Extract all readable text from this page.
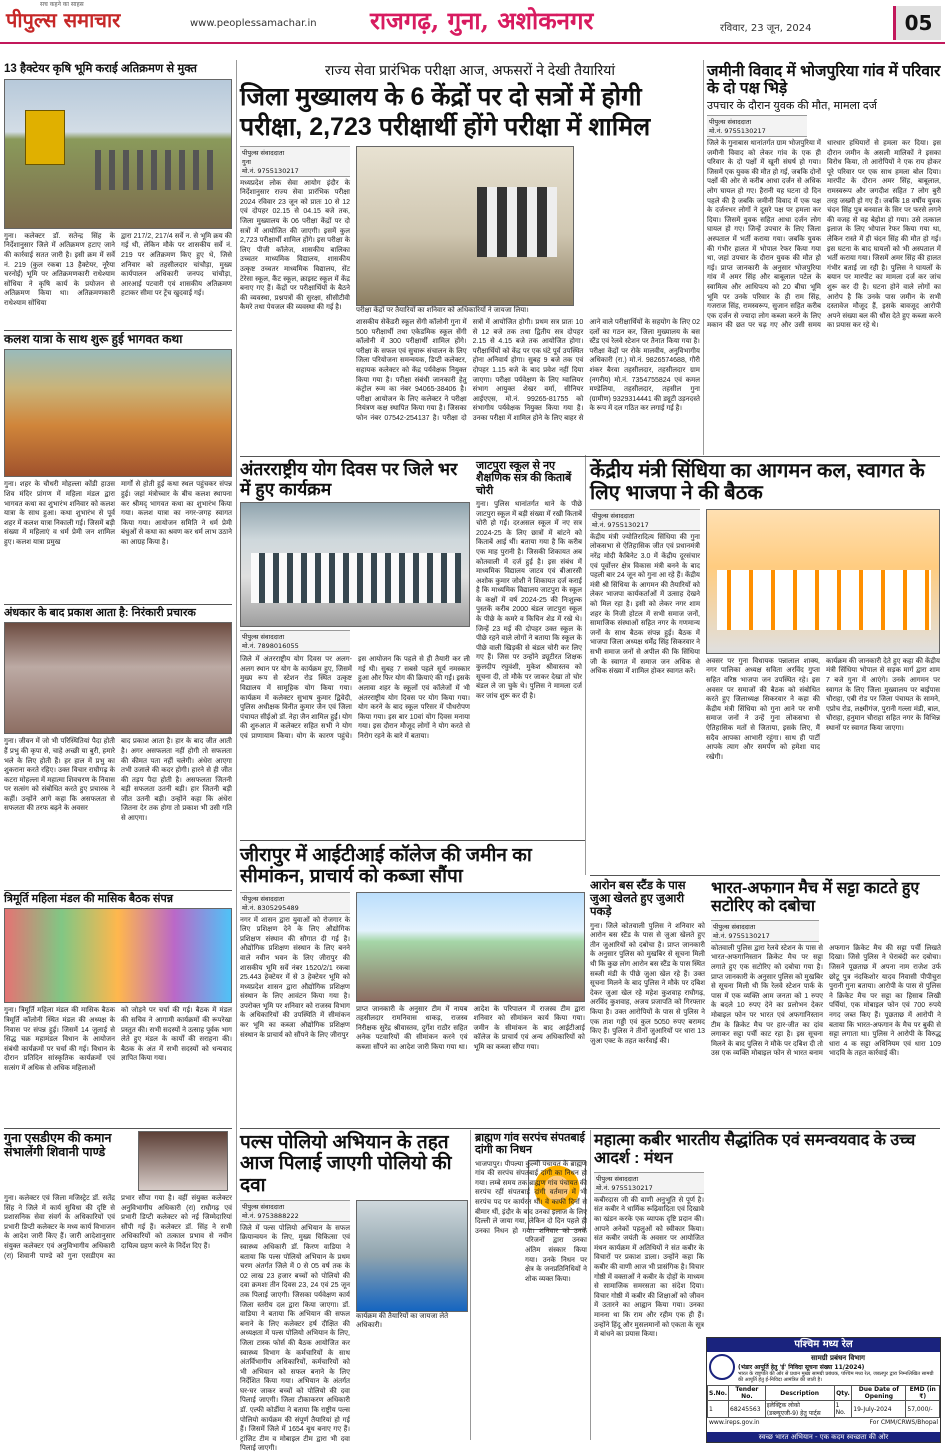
सच कहने का साहस
पीपुल्स समाचार	www.peoplessamachar.in राजगढ़, गुना, अशोकनगर	रविवार, 23 जून, 2024	05
13 हैक्टेयर कृषि भूमि कराई अतिक्रमण से मुक्त
गुना। कलेक्टर डॉ. सतेन्द्र सिंह के निर्देशानुसार जिले में अतिक्रमण हटाए जाने की कार्रवाई सतत जारी है। इसी क्रम में सर्वे नं. 219 (कुल रकबा 13 हैक्टेयर, नूरैया चरनोई) भूमि पर अतिक्रमणकारी राधेश्याम सोंधिया ने कृषि कार्य के प्रयोजन से अतिक्रमण किया था। अतिक्रमणकारी राधेश्याम सोंधिया
द्वारा 217/2, 217/4 सर्वे न. से भूमि क्रय की गई थी, लेकिन मौके पर शासकीय सर्वे नं. 219 पर अतिक्रमण किए हुए थे, जिसे शनिवार को तहसीलदार चांचौड़ा, मुख्य कार्यपालन अधिकारी जनपद चांचौड़ा, आरआई पटवारी एवं शासकीय अतिक्रमण हटाकर सीमा पर ट्रेंच खुदवाई गई।
कलश यात्रा के साथ शुरू हुई भागवत कथा
गुना। शहर के चौधरी मोहल्ला कोंडी हाउस शिव मंदिर प्रांगण में महिला मंडल द्वारा भागवत कथा का शुभारंभ शनिवार को कलश यात्रा के साथ हुआ। कथा शुभारंभ से पूर्व शहर में कलश यात्रा निकाली गई। जिसमें बड़ी संख्या में महिलाएं व धर्म प्रेमी जन शामिल हुए। कलश यात्रा प्रमुख
मार्गों से होती हुई कथा स्थल पहुंचकर संपन्न हुई। जहां मंत्रोच्चार के बीच कलश स्थापना कर श्रीमद् भागवत कथा का शुभारंभ किया गया। कलश यात्रा का नगर-जगह स्वागत किया गया। आयोजन समिति ने धर्म प्रेमी बंधुओं से कथा का श्रवण कर धर्म लाभ उठाने का आग्रह किया है।
अंधकार के बाद प्रकाश आता है: निरंकारी प्रचारक
गुना। जीवन में जो भी परिस्थितियां पैदा होती हैं प्रभु की कृपा से, चाहे अच्छी या बुरी, हमारे भले के लिए होती हैं। हर हाल में प्रभु का शुकराना करते रहिए। उक्त विचार राघौगढ़ के कटरा मोहल्ला में महात्मा शिवचरण के निवास पर सत्संग को संबोधित करते हुए प्रचारक ने कहीं। उन्होंने आगे कहा कि असफलता से सफलता की तरफ बढ़ने के अवसर
बाद प्रकाश आता है। हार के बाद जीत आती है। अगर असफलता नहीं होगी तो सफलता की कीमत पता नहीं चलेगी। अंधेरा आएगा तभी उजाले की कदर होगी। हारने से ही जीत की तड़प पैदा होती है। असफलता जितनी बड़ी सफलता उतनी बड़ी। हार जितनी बड़ी जीत उतनी बड़ी। उन्होंने कहा कि अंधेरा जितना देर तक होगा तो प्रकाश भी उसी गति से आएगा।
त्रिमूर्ति महिला मंडल की मासिक बैठक संपन्न
गुना। त्रिमूर्ति महिला मंडल की मासिक बैठक त्रिमूर्ति कॉलोनी स्थित मंडल की अध्यक्ष के निवास पर संपन्न हुई। जिसमें 14 जुलाई से सिद्ध चक्र महामंडल विधान के आयोजन संबंधी कार्यक्रमों पर चर्चा की गई। विधान के दौरान प्रतिदिन सांस्कृतिक कार्यक्रमों एवं सत्संग में अधिक से अधिक महिलाओं
को जोड़ने पर चर्चा की गई। बैठक में मंडल की सचिव ने आगामी कार्यक्रमों की रूपरेखा प्रस्तुत की। सभी सदस्यों ने उत्साह पूर्वक भाग लेते हुए मंडल के कार्यों की सराहना की। बैठक के अंत में सभी सदस्यों को धन्यवाद ज्ञापित किया गया।
गुना एसडीएम की कमान संभालेंगी शिवानी पाण्डे
गुना। कलेक्टर एवं जिला मजिस्ट्रेट डॉ. सतेंद्र सिंह ने जिले में कार्य सुविधा की दृष्टि से प्रशासनिक सेवा संवर्ग के अधिकारियों एवं प्रभारी डिप्टी कलेक्टर के मध्य कार्य विभाजन के आदेश जारी किए हैं। जारी आदेशानुसार संयुक्त कलेक्टर एवं अनुविभागीय अधिकारी (रा) शिवानी पाण्डे को गुना एसडीएम का प्रभार सौंपा गया है। वहीं संयुक्त कलेक्टर अनुविभागीय अधिकारी (रा) राघौगढ़ एवं प्रभारी डिप्टी कलेक्टर को नई जिम्मेदारियां सौंपी गई हैं। कलेक्टर डॉ. सिंह ने सभी अधिकारियों को तत्काल प्रभाव से नवीन दायित्व ग्रहण करने के निर्देश दिए हैं।
राज्य सेवा प्रारंभिक परीक्षा आज, अफसरों ने देखी तैयारियां
जिला मुख्यालय के 6 केंद्रों पर दो सत्रों में होगी परीक्षा, 2,723 परीक्षार्थी होंगे परीक्षा में शामिल
पीपुल्स संवाददाता
गुना
मो.नं. 9755130217
मध्यप्रदेश लोक सेवा आयोग इंदौर के निर्देशानुसार राज्य सेवा प्रारंभिक परीक्षा 2024 रविवार 23 जून को प्रातः 10 से 12 एवं दोपहर 02.15 से 04.15 बजे तक, जिला मुख्यालय के 06 परीक्षा केंद्रों पर दो सत्रों में आयोजित की जाएगी। इसमें कुल 2,723 परीक्षार्थी शामिल होंगे। इस परीक्षा के लिए पीजी कॉलेज, शासकीय बालिका उच्चतर माध्यमिक विद्यालय, शासकीय उत्कृष्ट उच्चतर माध्यमिक विद्यालय, सेंट टेरेसा स्कूल, कैंट स्कूल, क्राइस्ट स्कूल में केंद्र बनाए गए हैं। केंद्रों पर परीक्षार्थियों के बैठने की व्यवस्था, प्रश्नपत्रों की सुरक्षा, सीसीटीवी कैमरे तथा पेयजल की व्यवस्था की गई है।	परीक्षा केंद्रों पर तैयारियों का शनिवार को अधिकारियों ने जायजा लिया।
शासकीय सेकेंडरी स्कूल सेंगी कॉलोनी गुना में 500 परीक्षार्थी तथा एकेडमिक स्कूल सेंगी कॉलोनी में 300 परीक्षार्थी शामिल होंगे। परीक्षा के सफल एवं सुचारू संचालन के लिए जिला परियोजना समन्वयक, डिप्टी कलेक्टर, सहायक कलेक्टर को केंद्र पर्यवेक्षक नियुक्त किया गया है। परीक्षा संबंधी जानकारी हेतु कंट्रोल रूम का नंबर 94065-38406 है। परीक्षा आयोजन के लिए कलेक्टर ने परीक्षा नियंत्रण कक्ष स्थापित किया गया है। जिसका फोन नंबर 07542-254137 है। परीक्षा दो सत्रों में आयोजित होगी। प्रथम सत्र प्रातः 10 से 12 बजे तक तथा द्वितीय सत्र दोपहर 2.15 से 4.15 बजे तक आयोजित होगा। परीक्षार्थियों को केंद्र पर एक घंटे पूर्व उपस्थित होना अनिवार्य होगा। सुबह 9 बजे तक एवं दोपहर 1.15 बजे के बाद प्रवेश नहीं दिया जाएगा। परीक्षा पर्यवेक्षण के लिए ग्वालियर संभाग आयुक्त शेखर वर्मा, सीनियर आईएएस, मो.नं. 99265-81755 को संभागीय पर्यवेक्षक नियुक्त किया गया है। उनका परीक्षा में शामिल होने के लिए बाहर से आने वाले परीक्षार्थियों के सहयोग के लिए 02 दलों का गठन कर, जिला मुख्यालय के बस स्टैंड एवं रेलवे स्टेशन पर तैनात किया गया है। परीक्षा केंद्रों पर रोके मालवीय, अनुविभागीय अधिकारी (रा.) मो.नं. 9826574688, गौरी शंकर बैरवा तहसीलदार, तहसीलदार ग्राम (नगरीय) मो.नं. 7354755824 एवं कमल मण्डेलिया, तहसीलदार, तहसील गुना (ग्रामीण) 9329314441 की ड्यूटी उड़नदस्ते के रूप में दल गठित कर लगाई गई है।
जमीनी विवाद में भोजपुरिया गांव में परिवार के दो पक्ष भिड़े
उपचार के दौरान युवक की मौत, मामला दर्ज
पीपुल्स संवाददाता
मो.नं. 9755130217
जिले के गुनाबास थानांतर्गत ग्राम भोजपुरिया में जमीनी विवाद को लेकर गांव के एक ही परिवार के दो पक्षों में खूनी संघर्ष हो गया। जिसमें एक युवक की मौत हो गई, जबकि दोनों पक्षों की ओर से करीब आधा दर्जन से अधिक लोग घायल हो गए। हैरानी यह घटना दो दिन पहले की है जबकि जमीनी विवाद में एक पक्ष के दर्जनभर लोगों ने दूसरे पक्ष पर हमला कर दिया। जिसमें युवक सहित आधा दर्जन लोग घायल हो गए। जिन्हें उपचार के लिए जिला अस्पताल में भर्ती कराया गया। जबकि युवक की गंभीर हालत में भोपाल रेफर किया गया था, जहां उपचार के दौरान युवक की मौत हो गई। प्राप्त जानकारी के अनुसार भोजपुरिया गांव में अमर सिंह और बाबूलाल पटेल के स्वामित्व और आधिपत्य को 20 बीघा भूमि भूमि पर उनके परिवार के ही राम सिंह, गजराज सिंह, रामस्वरूप, सुजान सहित करीब एक दर्जन से ज्यादा लोग कब्जा करने के लिए मकान की छत पर चढ़ गए और उसी समय धारधार हथियारों से हमला कर दिया। इस दौरान जमीन के असली मालिकों ने इसका विरोध किया, तो आरोपियों ने एक राय होकर पूरे परिवार पर एक साथ हमला बोल दिया। मारपीट के दौरान अमर सिंह, बाबूलाल, रामस्वरूप और जगदीश सहित 7 लोग बुरी तरह जख्मी हो गए हैं। जबकि 18 वर्षीय युवक चंदन सिंह पुत्र बनवाल के सिर पर फरसे लगने की वजह से वह बेहोश हो गया। उसे तत्काल इलाज के लिए भोपाल रेफर किया गया था, लेकिन रास्ते में ही चंदन सिंह की मौत हो गई। इस घटना के बाद घायलों को भी अस्पताल में भर्ती कराया गया। जिसमें अमर सिंह की हालत गंभीर बताई जा रही है। पुलिस ने घायलों के बयान पर मारपीट का मामला दर्ज कर जांच शुरू कर दी है। घटना होने वाले लोगों का आरोप है कि उनके पास जमीन के सभी दस्तावेज मौजूद हैं, इसके बावजूद आरोपी अपने संख्या बल की धौंस देते हुए कब्जा करने का प्रयास कर रहे थे।
अंतरराष्ट्रीय योग दिवस पर जिले भर में हुए कार्यक्रम
पीपुल्स संवाददाता
मो.नं. 7898016055
जिले में अंतरराष्ट्रीय योग दिवस पर अलग-अलग स्थान पर योग के कार्यक्रम हुए, जिसमें मुख्य रूप से स्टेशन रोड स्थित उत्कृष्ट विद्यालय में सामूहिक योग किया गया। कार्यक्रम में कलेक्टर सुभाष कुमार द्विवेदी, पुलिस अधीक्षक विनीत कुमार जैन एवं जिला पंचायत सीईओ डॉ. नेहा जैन शामिल हुईं। योग की शुरुआत में कलेक्टर सहित सभी ने योग एवं प्राणायाम किया। योग के कारण पहुंचे। इस आयोजन कि पहले से ही तैयारी कर ली गई थी। सुबह 7 सबसे पहले सूर्य नमस्कार हुआ और फिर योग की क्रियाएं की गईं। इसके अलावा शहर के स्कूलों एवं कॉलेजों में भी अंतरराष्ट्रीय योग दिवस पर योग किया गया। योग करने के बाद स्कूल परिसर में पौधरोपण किया गया। इस बार 10वां योग दिवस मनाया गया। इस दौरान मौजूद लोगों ने योग करते से निरोग रहने के बारे में बताया।
जाटपुरा स्कूल से नए शैक्षणिक सत्र की किताबें चोरी
गुना। पुलिस थानांतर्गत थाने के पीछे जाटपुरा स्कूल में बड़ी संख्या में रखी किताबें चोरी हो गईं। दरअसल स्कूल में नए सत्र 2024-25 के लिए छात्रों में बांटने को किताबें आई थीं। बताया गया है कि करीब एक माह पुरानी है। जिसकी शिकायत अब कोतवाली में दर्ज हुई है। इस संबंध में माध्यमिक विद्यालय जाटव एवं बीआरसी अशोक कुमार जोशी ने शिकायत दर्ज कराई है कि माध्यमिक विद्यालय जाटपुरा के स्कूल के कक्षों में वर्ष 2024-25 की निःशुल्क पुस्तकें करीब 2000 बंडल जाटपुरा स्कूल के पीछे के कमरे व किचिन शेड में रखे थे। जिन्हें 23 मई की दोपहर उक्त स्कूल के पीछे रहने वाले लोगों ने बताया कि स्कूल के पीछे वाली खिड़की से बंडल चोरी कर लिए गए हैं। जिस पर उन्होंने ड्यूटीरत शिक्षक कुलदीप रघुवंशी, मुकेश श्रीवास्तव को सूचना दी, तो मौके पर जाकर देखा तो चोर बंडल ले जा चुके थे। पुलिस ने मामला दर्ज कर जांच शुरू कर दी है।
केंद्रीय मंत्री सिंधिया का आगमन कल, स्वागत के लिए भाजपा ने की बैठक
पीपुल्स संवाददाता
मो.नं. 9755130217
केंद्रीय मंत्री ज्योतिरादित्य सिंधिया की गुना लोकसभा से ऐतिहासिक जीत एवं प्रधानमंत्री नरेंद्र मोदी कैबिनेट 3.0 में केंद्रीय दूरसंचार एवं पूर्वोत्तर क्षेत्र विकास मंत्री बनने के बाद पहली बार 24 जून को गुना आ रहे हैं। केंद्रीय मंत्री श्री सिंधिया के आगमन की तैयारियों को लेकर भाजपा कार्यकर्ताओं में उत्साह देखने को मिल रहा है। इसी को लेकर नगर शाम शहर के निजी होटल में सभी समाज जनों, सामाजिक संस्थाओं सहित नगर के गणमान्य जनों के साथ बैठक संपन्न हुई। बैठक में भाजपा जिला अध्यक्ष धर्मेंद्र सिंह सिकरवार ने सभी समाज जनों से अपील की कि सिंधिया जी के स्वागत में समाज जन अधिक से अधिक संख्या में शामिल होकर स्वागत करें।
अवसर पर गुना विधायक पन्नालाल शाक्य, नगर पालिका अध्यक्ष सविता अरविंद गुप्ता सहित वरिष्ठ भाजपा जन उपस्थित रहे। इस अवसर पर समाजों की बैठक को संबोधित करते हुए जिलाध्यक्ष सिकरवार ने कहा की केंद्रीय मंत्री सिंधिया को गुना आने पर सभी समाज जनों ने उन्हें गुना लोकसभा से ऐतिहासिक मतों से जिताया, इसके लिए, मैं सदैव आपका आभारी रहूंगा। साथ ही पार्टी आपके त्याग और समर्पण को हमेशा याद रखेगी।
कार्यक्रम की जानकारी देते हुए कहा की केंद्रीय मंत्री सिंधिया भोपाल से सड़क मार्ग द्वारा शाम 7 बजे गुना में आएंगे। उनके आगमन पर स्वागत के लिए जिला मुख्यालय पर बाईपास चौराहा, एबी रोड पर जिला पंचायत के सामने, एप्रोच रोड, लक्ष्मीगंज, पुरानी गल्ला मंडी, बाल, चौराहा, हनुमान चौराहा सहित नगर के विभिन्न स्थानों पर स्वागत किया जाएगा।
जीरापुर में आईटीआई कॉलेज की जमीन का सीमांकन, प्राचार्य को कब्जा सौंपा
पीपुल्स संवाददाता
मो.नं. 8305295489
नगर में शासन द्वारा युवाओं को रोजगार के लिए प्रशिक्षण देने के लिए औद्योगिक प्रशिक्षण संस्थान की सौगात दी गई है। औद्योगिक प्रशिक्षण संस्थान के लिए बनने वाले नवीन भवन के लिए जीरापुर की शासकीय भूमि सर्वे नंबर 1520/2/1 रकबा 25.443 हेक्टेयर में से 3 हेक्टेयर भूमि को मध्यप्रदेश शासन द्वारा औद्योगिक प्रशिक्षण संस्थान के लिए आवंटन किया गया है। उपरोक्त भूमि पर शनिवार को राजस्व विभाग के अधिकारियों की उपस्थिति में सीमांकन कर भूमि का कब्जा औद्योगिक प्रशिक्षण संस्थान के प्राचार्य को सौंपने के लिए जीरापुर
प्राप्त जानकारी के अनुसार टीम में नायब तहसीलदार रामनिवास धाकड़, राजस्व निरीक्षक सुरेंद्र श्रीवास्तव, दुर्गेश राठौर सहित अनेक पटवारियों की सीमांकन करने एवं कब्जा सौंपने का आदेश जारी किया गया था। आदेश के परिपालन में राजस्व टीम द्वारा शनिवार को सीमांकन कार्य किया गया। जमीन के सीमांकन के बाद आईटीआई कॉलेज के प्राचार्य एवं अन्य अधिकारियों को भूमि का कब्जा सौंपा गया।
आरोन बस स्टैंड के पास जुआ खेलते हुए जुआरी पकड़े
गुना। जिले कोतवाली पुलिस ने शनिवार को आरोन बस स्टैंड के पास से जुआ खेलते हुए तीन जुआरियों को दबोचा है। प्राप्त जानकारी के अनुसार पुलिस को मुखबिर से सूचना मिली थी कि कुछ लोग आरोन बस स्टैंड के पास स्थित सब्जी मंडी के पीछे जुआ खेल रहे हैं। उक्त सूचना मिलने के बाद पुलिस ने मौके पर दबिश देकर जुआ खेल रहे महेश कुशवाह राघौगढ़, अरविंद कुशवाह, अजय प्रजापति को गिरफ्तार किया है। उक्त आरोपियों के पास से पुलिस ने एक ताश गड्डी एवं कुल 5050 रुपए बरामद किए हैं। पुलिस ने तीनों जुआरियों पर धारा 13 जुआ एक्ट के तहत कार्रवाई की।
भारत-अफगान मैच में सट्टा काटते हुए सटोरिए को दबोचा
पीपुल्स संवाददाता
मो.नं. 9755130217
कोतवाली पुलिस द्वारा रेलवे स्टेशन के पास से भारत-अफगानिस्तान क्रिकेट मैच पर सट्टा लगाते हुए एक सटोरिए को दबोचा गया है। प्राप्त जानकारी के अनुसार पुलिस को मुखबिर से सूचना मिली थी कि रेलवे स्टेशन पार्क के पास में एक व्यक्ति आम जनता को 1 रुपए के बदले 10 रुपए देने का प्रलोभन देकर मोबाइल फोन पर भारत एवं अफगानिस्तान टीम के क्रिकेट मैच पर हार-जीत का दांव लगाकर सट्टा पर्ची काट रहा है। इस सूचना मिलने के बाद पुलिस ने मौके पर दबिश दी तो उस एक व्यक्ति मोबाइल फोन से भारत बनाम अफगान क्रिकेट मैच की सट्टा पर्ची लिखते दिखा। जिसे पुलिस ने घेराबंदी कर दबोचा। जिसने पूछताछ में अपना नाम राजेश उर्फ छोटू पुत्र नंदकिशोर यादव निवासी पीपीचुरा पुरानी गुना बताया। आरोपी के पास से पुलिस ने क्रिकेट मैच पर सट्टा का हिसाब लिखी पर्चियां, एक मोबाइल फोन एवं 700 रुपये नगद जब्त किए हैं। पूछताछ में आरोपी ने बताया कि भारत-अफगान के मैच पर बुकी से सट्टा लगाता था। पुलिस ने आरोपी के विरुद्ध धारा 4 क सट्टा अधिनियम एवं धारा 109 भादवि के तहत कार्रवाई की।
पल्स पोलियो अभियान के तहत आज पिलाई जाएगी पोलियो की दवा
पीपुल्स संवाददाता
मो.नं. 9753888222
जिले में पल्स पोलियो अभियान के सफल क्रियान्वयन के लिए, मुख्य चिकित्सा एवं स्वास्थ्य अधिकारी डॉ. किरण वाडिया ने बताया कि पल्स पोलियो अभियान के प्रथम चरण अंतर्गत जिले में 0 से 05 वर्ष तक के 02 लाख 23 हजार बच्चों को पोलियो की दवा क्रमशः तीन दिवस 23, 24 एवं 25 जून तक पिलाई जाएगी। जिसका पर्यवेक्षण कार्य जिला स्तरीय दल द्वारा किया जाएगा। डॉ. वाडिया ने बताया कि अभियान की सफल बनाने के लिए कलेक्टर हर्ष दीक्षित की अध्यक्षता में पल्स पोलियो अभियान के लिए, जिला टास्क फोर्स की बैठक आयोजित कर स्वास्थ्य विभाग के कर्मचारियों के साथ अंतर्विभागीय अधिकारियों, कर्मचारियों को भी अभियान को सफल बनाने के लिए निर्देशित किया गया। अभियान के अंतर्गत घर-घर जाकर बच्चों को पोलियो की दवा पिलाई जाएगी। जिला टीकाकरण अधिकारी डॉ. एल्फी कोर्डीया ने बताया कि राष्ट्रीय पल्स पोलियो कार्यक्रम की संपूर्ण तैयारियां हो गई हैं। जिसमें जिले में 1654 बूथ बनाए गए हैं। ट्रांजिट टीम व मोबाइल टीम द्वारा भी दवा पिलाई जाएगी।
कार्यक्रम की तैयारियों का जायजा लेते अधिकारी।
ब्राह्मण गांव सरपंच संपतबाई दांगी का निधन
भाजपापुर। पीपल्या कुल्मी पंचायत के ब्राह्मण गांव की सरपंच संपतबाई दांगी का निधन हो गया। लम्बे समय तक ब्राह्मण गांव पंचायत की सरपंच रहीं संपतबाई दांगी वर्तमान में भी सरपंच पद पर कार्यरत थीं। वे काफी दिनों से बीमार थीं, इंदौर के बाद उनका इलाज के लिए दिल्ली ले जाया गया, लेकिन दो दिन पहले ही उनका निधन हो गया। शनिवार को उनके परिजनों द्वारा उनका अंतिम संस्कार किया गया। उनके निधन पर क्षेत्र के जनप्रतिनिधियों ने शोक व्यक्त किया।
महात्मा कबीर भारतीय सैद्धांतिक एवं समन्वयवाद के उच्च आदर्श : मंथन
पीपुल्स संवाददाता
मो.नं. 9755130217
कबीरदास जी की वाणी अनुभूति से पूर्ण है। संत कबीर ने धार्मिक रूढ़िवादिता एवं दिखावे का खंडन करके एक व्यापक दृष्टि प्रदान की। आपने अनेकों पहलुओं को स्वीकार किया। संत कबीर जयंती के अवसर पर आयोजित मंथन कार्यक्रम में अतिथियों ने संत कबीर के विचारों पर प्रकाश डाला। उन्होंने कहा कि कबीर की वाणी आज भी प्रासंगिक है। विचार गोष्ठी में वक्ताओं ने कबीर के दोहों के माध्यम से सामाजिक समरसता का संदेश दिया। विचार गोष्ठी में कबीर की शिक्षाओं को जीवन में उतारने का आह्वान किया गया। उनका मानना था कि राम और रहीम एक ही हैं। उन्होंने हिंदू और मुसलमानों को एकता के सूत्र में बांधने का प्रयास किया।
पश्चिम मध्य रेल
सामग्री प्रबंधन विभाग
(भंडार आपूर्ति हेतु 'ई' निविदा सूचना संख्या 11/2024)
भारत के राष्ट्रपति की ओर से प्रधान मुख्य सामग्री प्रबंधक, पश्चिम मध्य रेल, जबलपुर द्वारा निम्नलिखित सामग्री की आपूर्ति हेतु ई-निविदा आमंत्रित की जाती है।
S.No.	Tender No.	Description	Qty.	Due Date of Opening	EMD (in ₹)
1	68245563	इलेक्ट्रिक लोको (डब्ल्यूएजी-9) हेतु पार्ट्स	1 No.	19-July-2024	57,000/-
www.ireps.gov.in	For CMM/CRWS/Bhopal
स्वच्छ भारत अभियान - एक कदम स्वच्छता की ओर
